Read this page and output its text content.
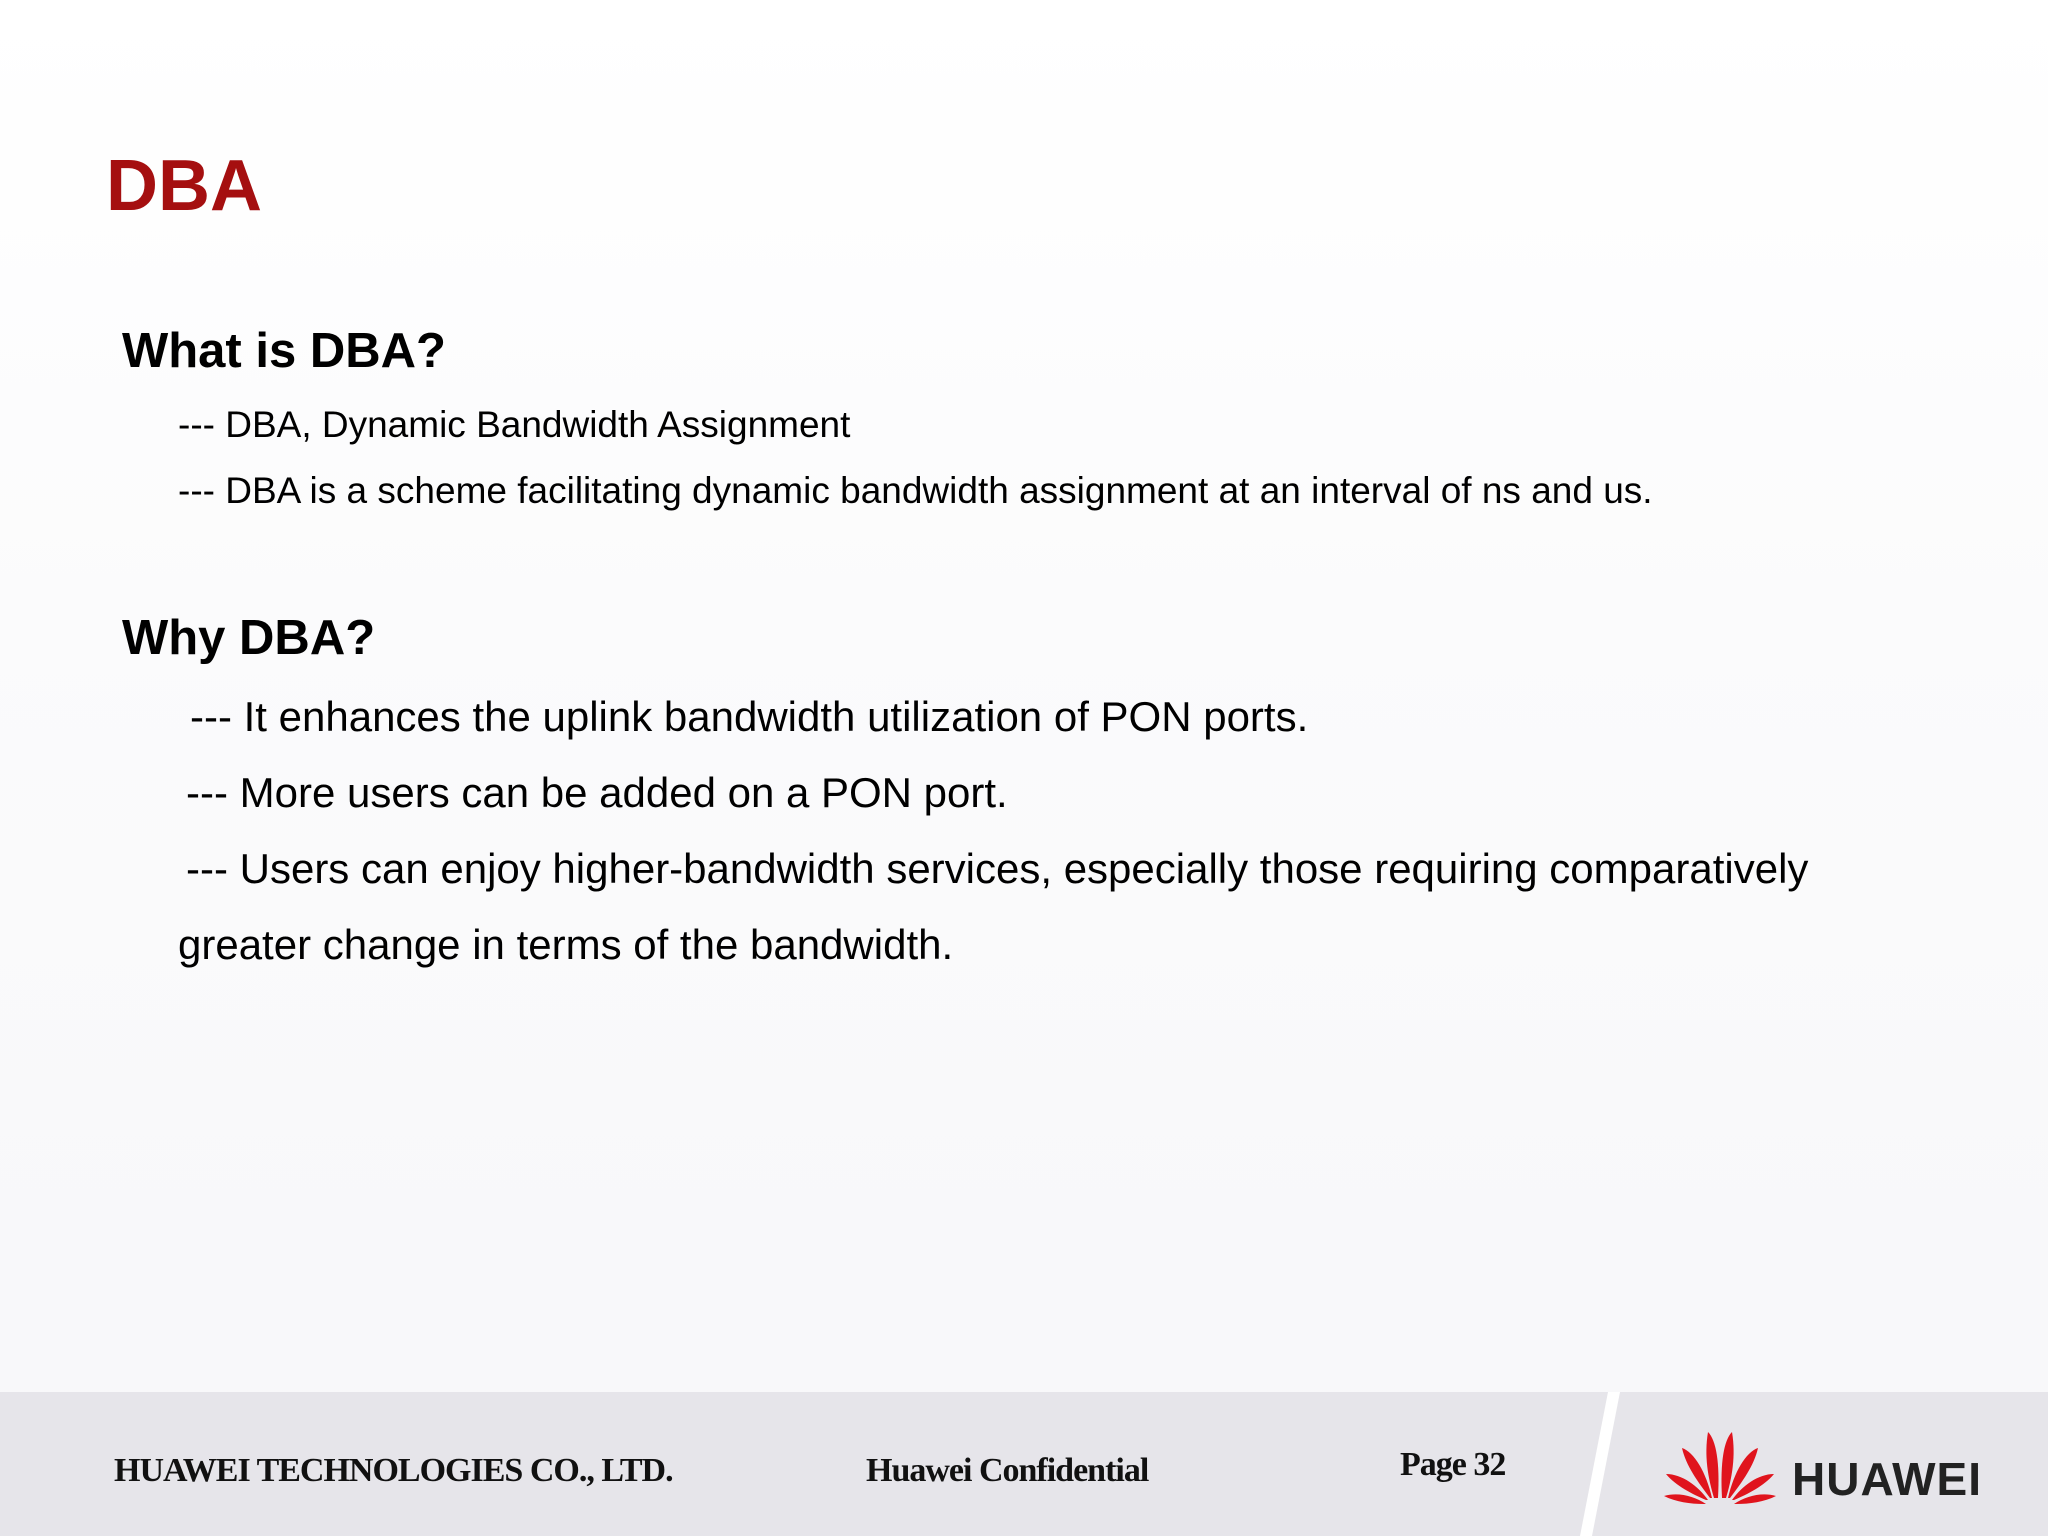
DBA
What is DBA?
--- DBA, Dynamic Bandwidth Assignment
--- DBA is a scheme facilitating dynamic bandwidth assignment at an interval of ns and us.
Why DBA?
--- It enhances the uplink bandwidth utilization of PON ports.
--- More users can be added on a PON port.
--- Users can enjoy higher-bandwidth services, especially those requiring comparatively
greater change in terms of the bandwidth.
HUAWEI TECHNOLOGIES CO., LTD.	Huawei Confidential	Page 32	HUAWEI
